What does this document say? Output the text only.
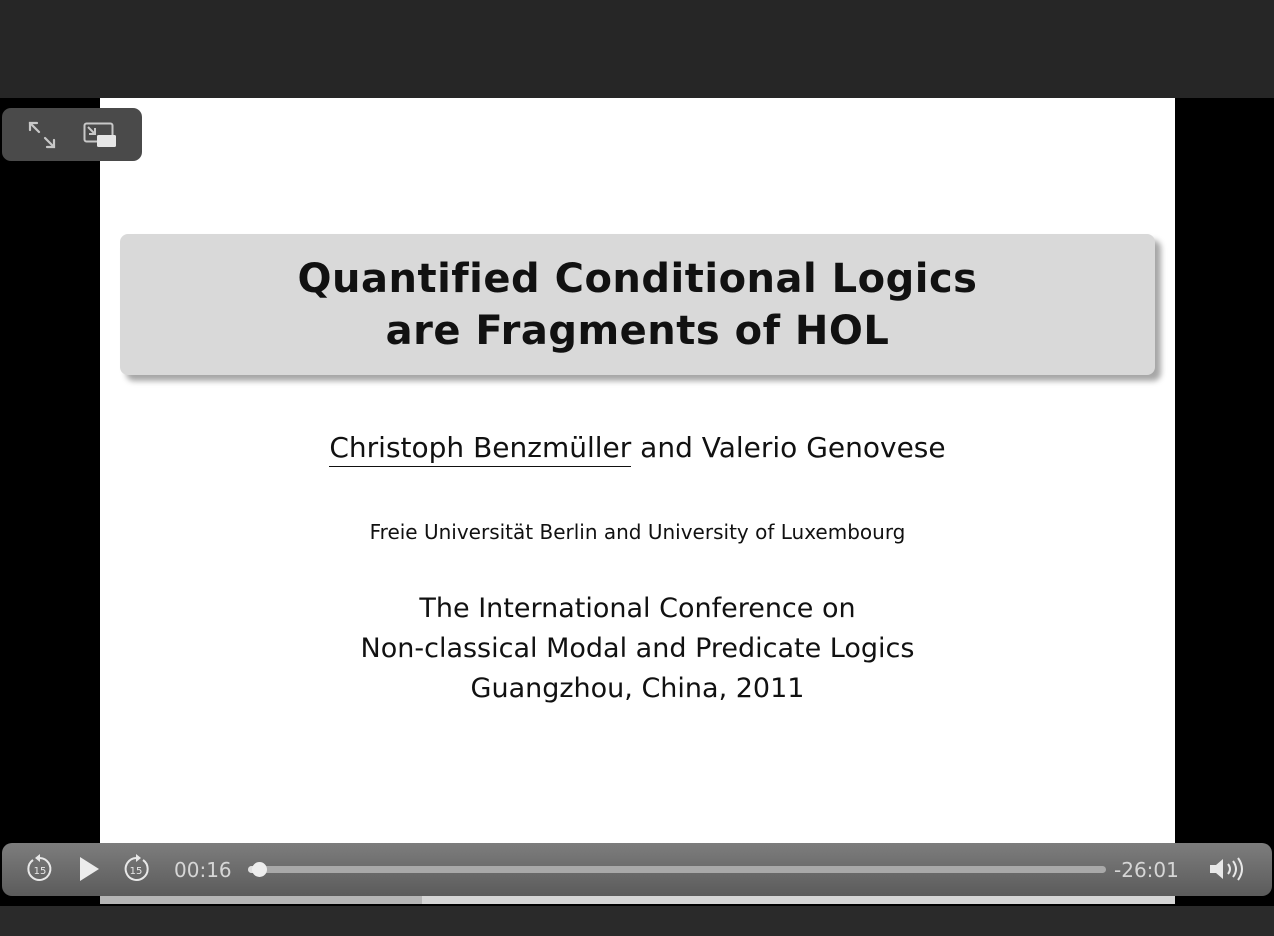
Quantified Conditional Logics
are Fragments of HOL
Christoph Benzmüller and Valerio Genovese
Freie Universität Berlin and University of Luxembourg
The International Conference on
Non-classical Modal and Predicate Logics
Guangzhou, China, 2011
15	15 00:16	-26:01
